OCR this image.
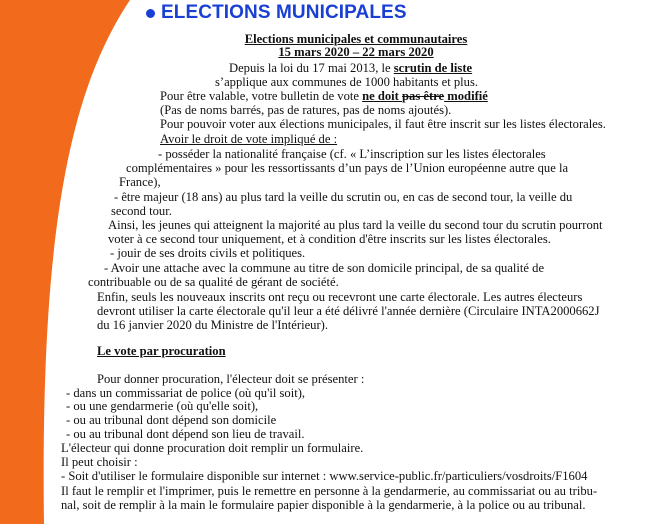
ELECTIONS MUNICIPALES
Elections municipales et communautaires
15 mars 2020 – 22 mars 2020
Depuis la loi du 17 mai 2013, le scrutin de liste
s’applique aux communes de 1000 habitants et plus.
Pour être valable, votre bulletin de vote ne doit pas être modifié
(Pas de noms barrés, pas de ratures, pas de noms ajoutés).
Pour pouvoir voter aux élections municipales, il faut être inscrit sur les listes électorales.
Avoir le droit de vote impliqué de :
- posséder la nationalité française (cf. « L’inscription sur les listes électorales
complémentaires » pour les ressortissants d’un pays de l’Union européenne autre que la
France),
- être majeur (18 ans) au plus tard la veille du scrutin ou, en cas de second tour, la veille du
second tour.
Ainsi, les jeunes qui atteignent la majorité au plus tard la veille du second tour du scrutin pourront
voter à ce second tour uniquement, et à condition d'être inscrits sur les listes électorales.
- jouir de ses droits civils et politiques.
- Avoir une attache avec la commune au titre de son domicile principal, de sa qualité de
contribuable ou de sa qualité de gérant de société.
Enfin, seuls les nouveaux inscrits ont reçu ou recevront une carte électorale. Les autres électeurs
devront utiliser la carte électorale qu'il leur a été délivré l'année dernière (Circulaire INTA2000662J
du 16 janvier 2020 du Ministre de l'Intérieur).
Le vote par procuration
Pour donner procuration, l'électeur doit se présenter :
- dans un commissariat de police (où qu'il soit),
- ou une gendarmerie (où qu'elle soit),
- ou au tribunal dont dépend son domicile
- ou au tribunal dont dépend son lieu de travail.
L'électeur qui donne procuration doit remplir un formulaire.
Il peut choisir :
- Soit d'utiliser le formulaire disponible sur internet : www.service-public.fr/particuliers/vosdroits/F1604
Il faut le remplir et l'imprimer, puis le remettre en personne à la gendarmerie, au commissariat ou au tribu-
nal, soit de remplir à la main le formulaire papier disponible à la gendarmerie, à la police ou au tribunal.
